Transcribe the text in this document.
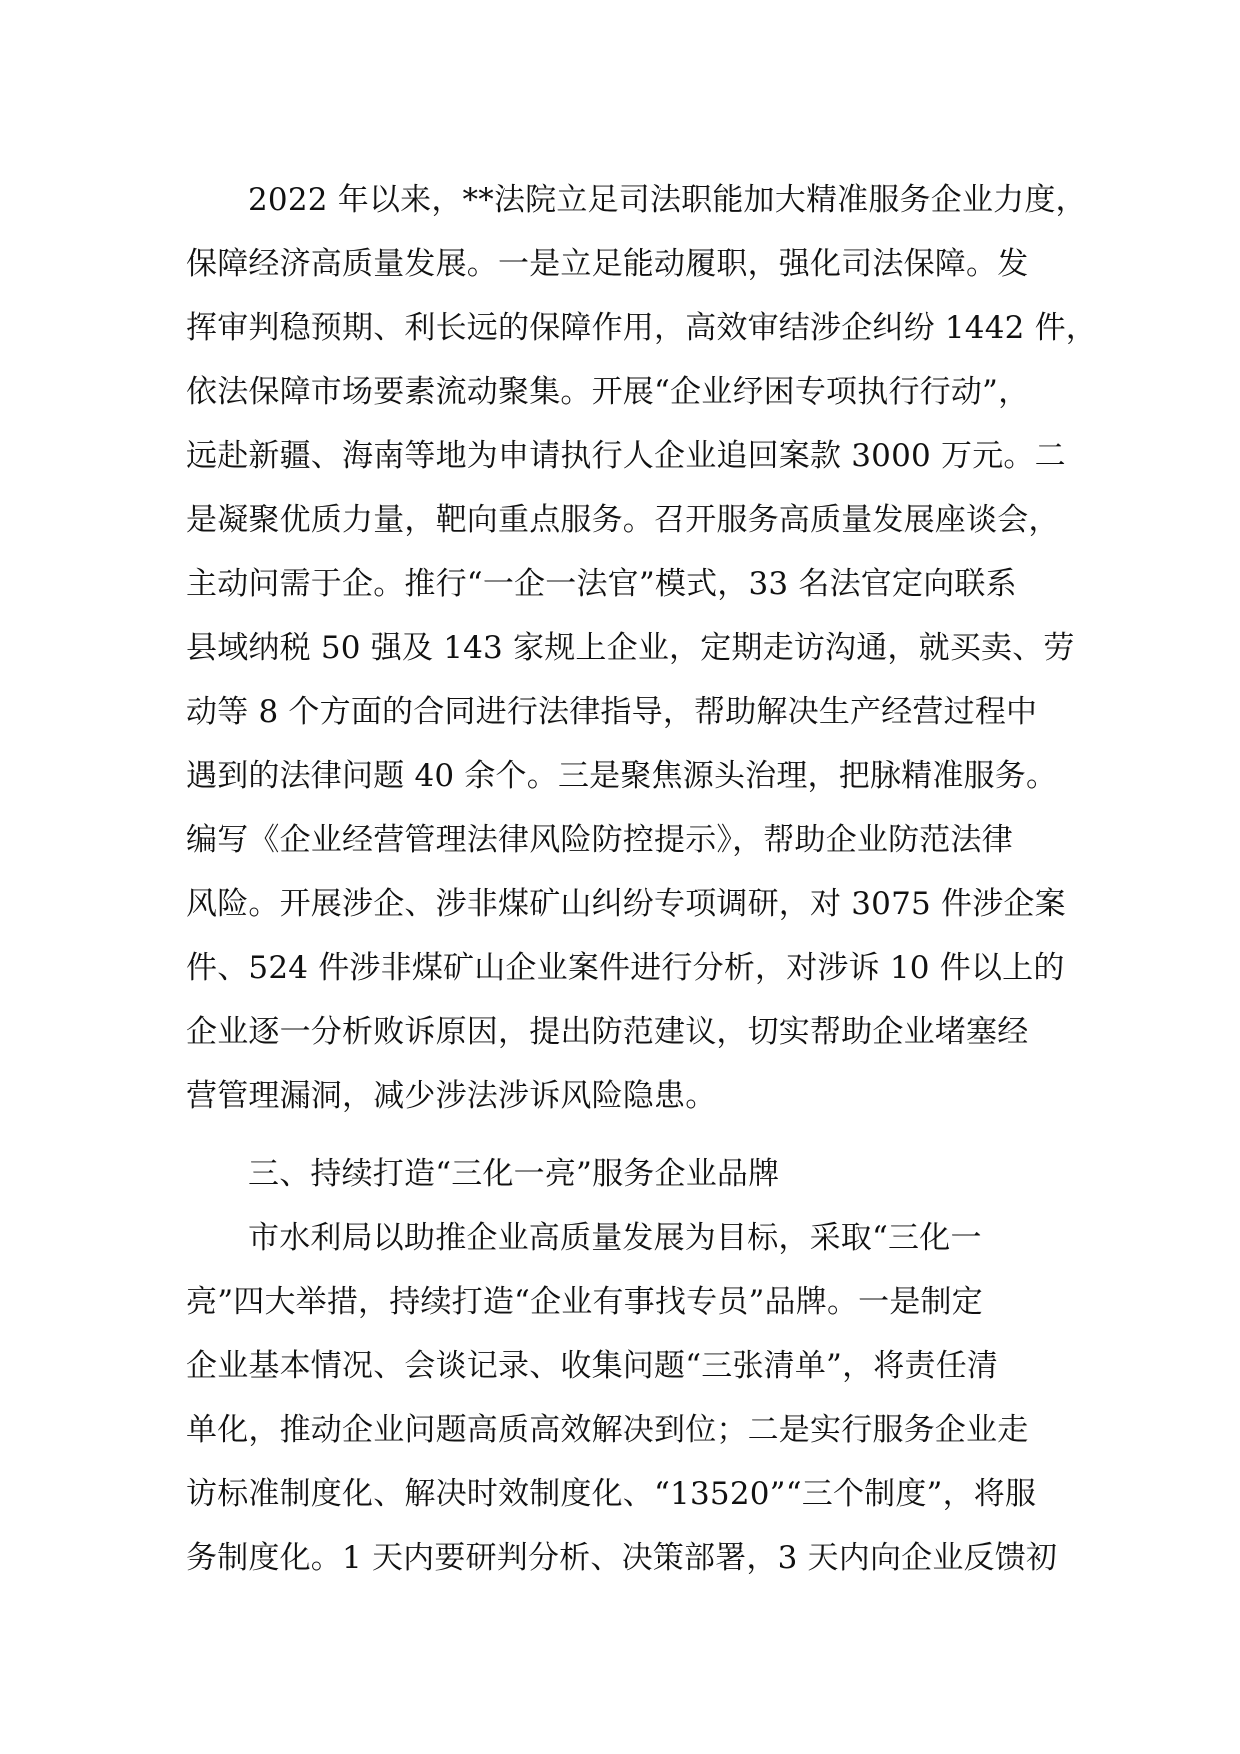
2022 年以来，**法院立足司法职能加大精准服务企业力度，
保障经济高质量发展。一是立足能动履职，强化司法保障。发
挥审判稳预期、利长远的保障作用，高效审结涉企纠纷 1442 件，
依法保障市场要素流动聚集。开展“企业纾困专项执行行动”，
远赴新疆、海南等地为申请执行人企业追回案款 3000 万元。二
是凝聚优质力量，靶向重点服务。召开服务高质量发展座谈会，
主动问需于企。推行“一企一法官”模式，33 名法官定向联系
县域纳税 50 强及 143 家规上企业，定期走访沟通，就买卖、劳
动等 8 个方面的合同进行法律指导，帮助解决生产经营过程中
遇到的法律问题 40 余个。三是聚焦源头治理，把脉精准服务。
编写《企业经营管理法律风险防控提示》，帮助企业防范法律
风险。开展涉企、涉非煤矿山纠纷专项调研，对 3075 件涉企案
件、524 件涉非煤矿山企业案件进行分析，对涉诉 10 件以上的
企业逐一分析败诉原因，提出防范建议，切实帮助企业堵塞经
营管理漏洞，减少涉法涉诉风险隐患。
三、持续打造“三化一亮”服务企业品牌
市水利局以助推企业高质量发展为目标，采取“三化一
亮”四大举措，持续打造“企业有事找专员”品牌。一是制定
企业基本情况、会谈记录、收集问题“三张清单”，将责任清
单化，推动企业问题高质高效解决到位；二是实行服务企业走
访标准制度化、解决时效制度化、“13520”“三个制度”，将服
务制度化。1 天内要研判分析、决策部署，3 天内向企业反馈初
